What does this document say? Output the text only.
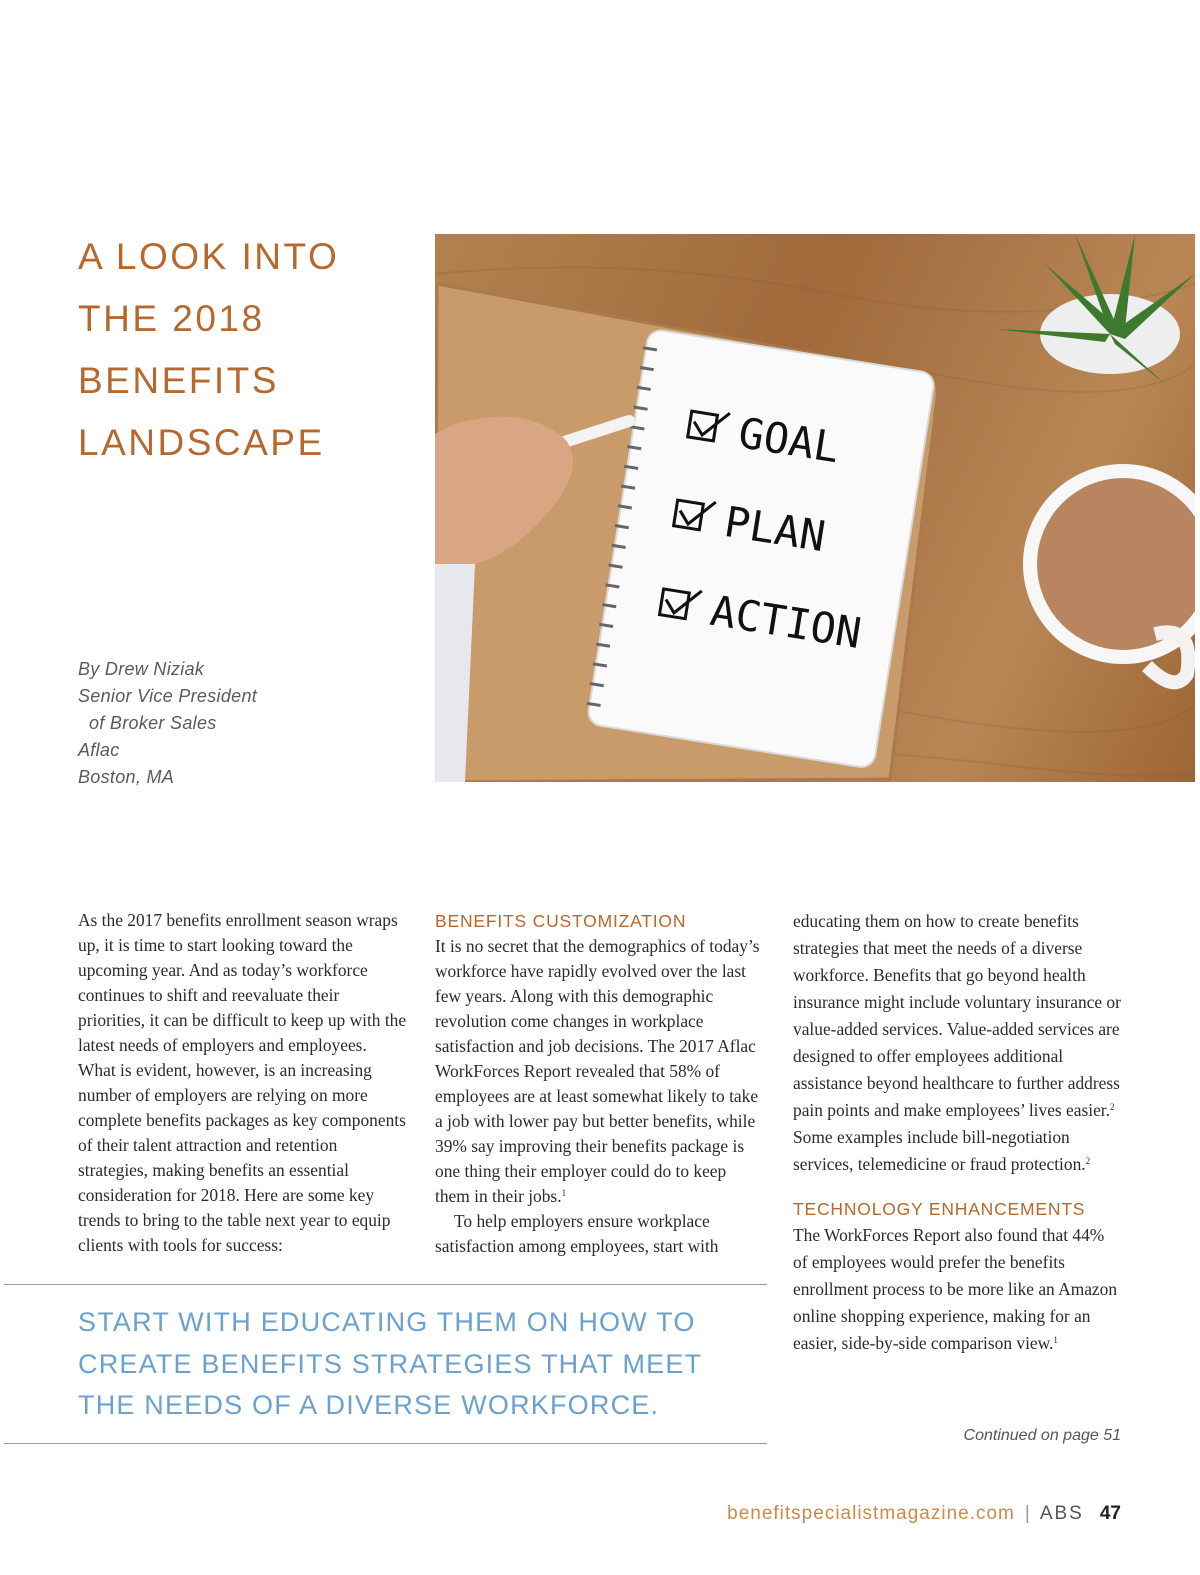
A LOOK INTO
THE 2018
BENEFITS
LANDSCAPE
By Drew Niziak
Senior Vice President
of Broker Sales
Aflac
Boston, MA
GOAL
PLAN
ACTION

As the 2017 benefits enrollment season wraps up, it is time to start looking toward the upcoming year. And as today’s workforce continues to shift and reevaluate their priorities, it can be difficult to keep up with the latest needs of employers and employees. What is evident, however, is an increasing number of employers are relying on more complete benefits packages as key components of their talent attraction and retention strategies, making benefits an essential consideration for 2018. Here are some key trends to bring to the table next year to equip clients with tools for success:

BENEFITS CUSTOMIZATION

It is no secret that the demographics of today’s workforce have rapidly evolved over the last few years. Along with this demographic revolution come changes in workplace satisfaction and job decisions. The 2017 Aflac WorkForces Report revealed that 58% of employees are at least somewhat likely to take a job with lower pay but better benefits, while 39% say improving their benefits package is one thing their employer could do to keep them in their jobs.$^1$

To help employers ensure workplace satisfaction among employees, start with

educating them on how to create benefits strategies that meet the needs of a diverse workforce. Benefits that go beyond health insurance might include voluntary insurance or value-added services. Value-added services are designed to offer employees additional assistance beyond healthcare to further address pain points and make employees’ lives easier.$^2$ Some examples include bill-negotiation services, telemedicine or fraud protection.$^2$

TECHNOLOGY ENHANCEMENTS

The WorkForces Report also found that 44% of employees would prefer the benefits enrollment process to be more like an Amazon online shopping experience, making for an easier, side-by-side comparison view.$^1$

START WITH EDUCATING THEM ON HOW TO
CREATE BENEFITS STRATEGIES THAT MEET
THE NEEDS OF A DIVERSE WORKFORCE.
Continued on page 51
benefitspecialistmagazine.com | ABS 47
